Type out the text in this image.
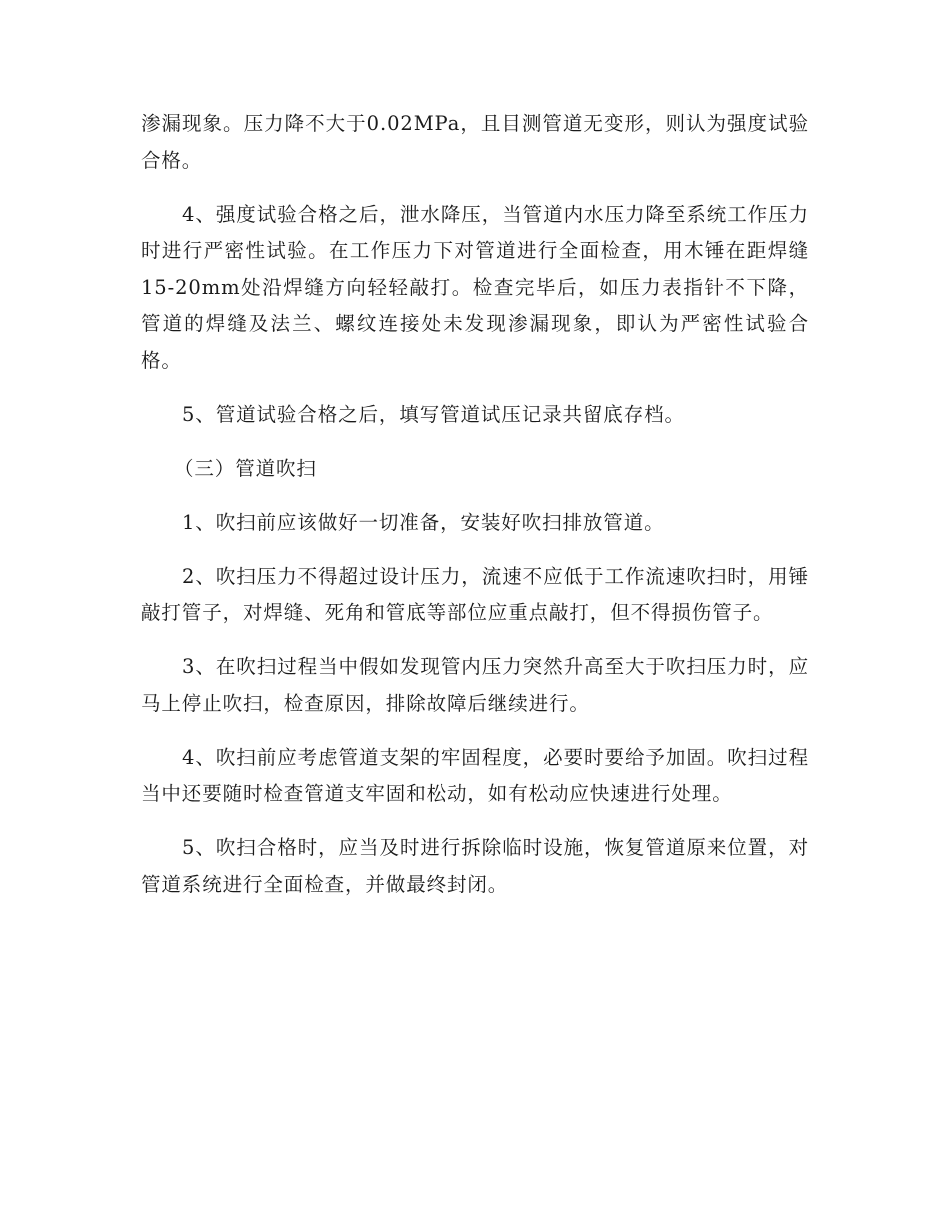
渗漏现象。压力降不大于0.02MPa，且目测管道无变形，则认为强度试验合格。

4、强度试验合格之后，泄水降压，当管道内水压力降至系统工作压力时进行严密性试验。在工作压力下对管道进行全面检查，用木锤在距焊缝15-20mm处沿焊缝方向轻轻敲打。检查完毕后，如压力表指针不下降，管道的焊缝及法兰、螺纹连接处未发现渗漏现象，即认为严密性试验合格。

5、管道试验合格之后，填写管道试压记录共留底存档。

（三）管道吹扫

1、吹扫前应该做好一切准备，安装好吹扫排放管道。

2、吹扫压力不得超过设计压力，流速不应低于工作流速吹扫时，用锤敲打管子，对焊缝、死角和管底等部位应重点敲打，但不得损伤管子。

3、在吹扫过程当中假如发现管内压力突然升高至大于吹扫压力时，应马上停止吹扫，检查原因，排除故障后继续进行。

4、吹扫前应考虑管道支架的牢固程度，必要时要给予加固。吹扫过程当中还要随时检查管道支牢固和松动，如有松动应快速进行处理。

5、吹扫合格时，应当及时进行拆除临时设施，恢复管道原来位置，对管道系统进行全面检查，并做最终封闭。
